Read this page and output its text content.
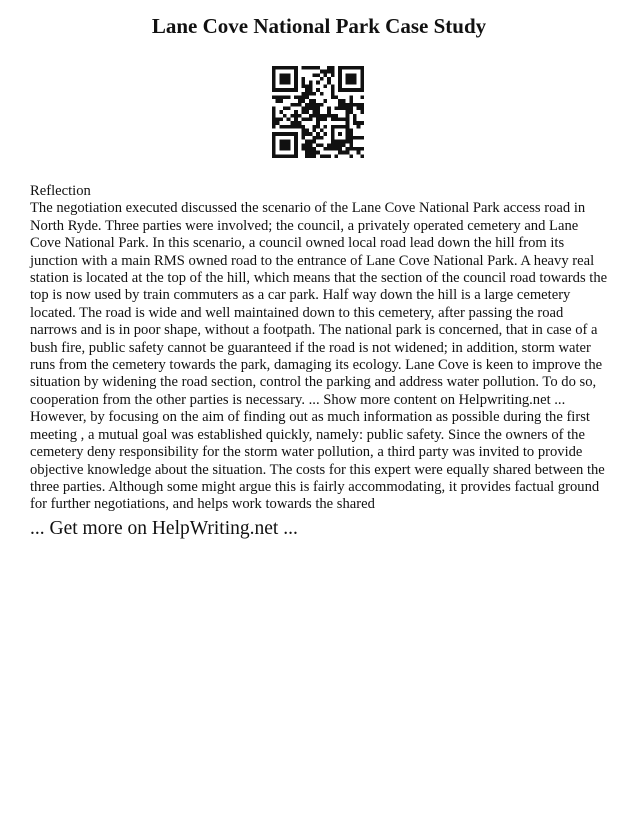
Lane Cove National Park Case Study

Reflection

The negotiation executed discussed the scenario of the Lane Cove National Park access road in North Ryde. Three parties were involved; the council, a privately operated cemetery and Lane Cove National Park. In this scenario, a council owned local road lead down the hill from its junction with a main RMS owned road to the entrance of Lane Cove National Park. A heavy real station is located at the top of the hill, which means that the section of the council road towards the top is now used by train commuters as a car park. Half way down the hill is a large cemetery located. The road is wide and well maintained down to this cemetery, after passing the road narrows and is in poor shape, without a footpath. The national park is concerned, that in case of a bush fire, public safety cannot be guaranteed if the road is not widened; in addition, storm water runs from the cemetery towards the park, damaging its ecology. Lane Cove is keen to improve the situation by widening the road section, control the parking and address water pollution. To do so, cooperation from the other parties is necessary. ... Show more content on Helpwriting.net ...

However, by focusing on the aim of finding out as much information as possible during the first meeting , a mutual goal was established quickly, namely: public safety. Since the owners of the cemetery deny responsibility for the storm water pollution, a third party was invited to provide objective knowledge about the situation. The costs for this expert were equally shared between the three parties. Although some might argue this is fairly accommodating, it provides factual ground for further negotiations, and helps work towards the shared

... Get more on HelpWriting.net ...
